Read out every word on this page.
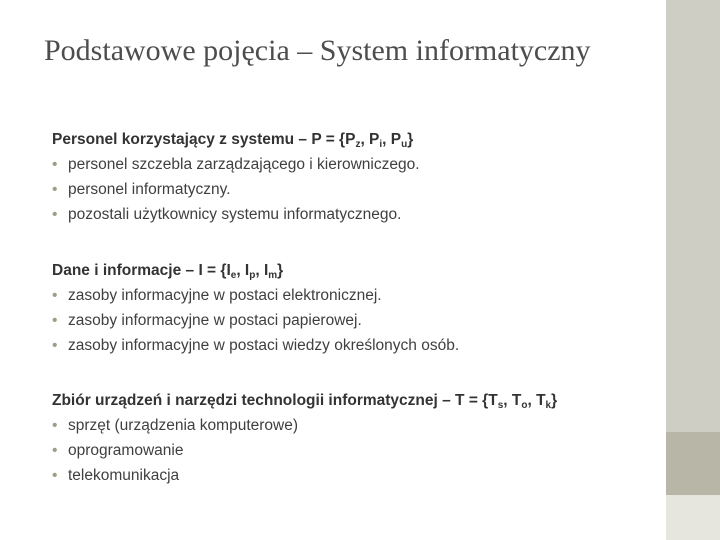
Podstawowe pojęcia – System informatyczny
Personel korzystający z systemu – $P = \{P_z$, $P_i$, $P_u$}
• personel szczebla zarządzającego i kierowniczego.
• personel informatyczny.
• pozostali użytkownicy systemu informatycznego.
Dane i informacje – $I = \{I_e$, $I_p$, $I_m$}
• zasoby informacyjne w postaci elektronicznej.
• zasoby informacyjne w postaci papierowej.
• zasoby informacyjne w postaci wiedzy określonych osób.
Zbiór urządzeń i narzędzi technologii informatycznej – $T = \{T_s$, $T_o$, $T_k$}
• sprzęt (urządzenia komputerowe)
• oprogramowanie
• telekomunikacja
